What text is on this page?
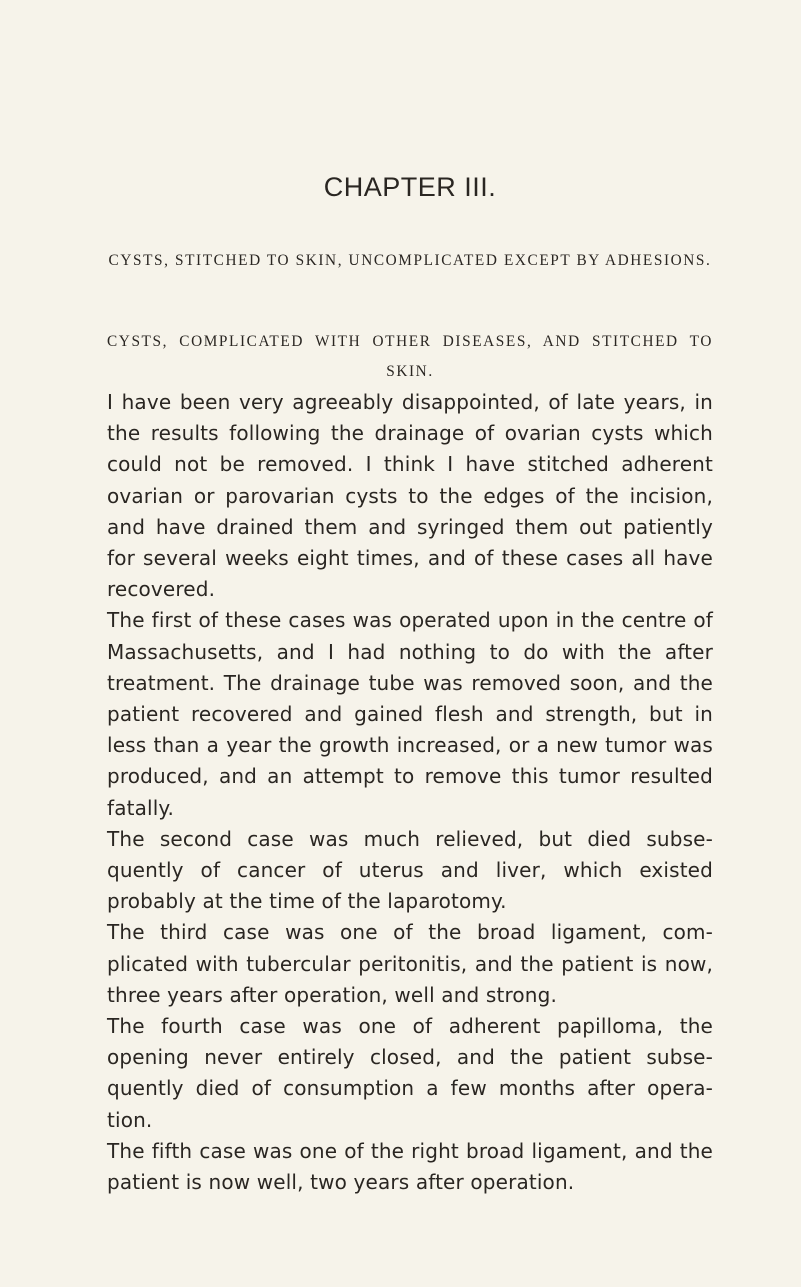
CHAPTER III.
CYSTS, STITCHED TO SKIN, UNCOMPLICATED EXCEPT BY ADHESIONS.
CYSTS, COMPLICATED WITH OTHER DISEASES, AND STITCHED TO SKIN.

I have been very agreeably disappointed, of late years, in the results following the drainage of ovarian cysts which could not be removed. I think I have stitched adherent ovarian or parovarian cysts to the edges of the incision, and have drained them and syringed them out patiently for several weeks eight times, and of these cases all have recovered.

The first of these cases was operated upon in the centre of Massachusetts, and I had nothing to do with the after treatment. The drainage tube was removed soon, and the patient recovered and gained flesh and strength, but in less than a year the growth increased, or a new tumor was produced, and an attempt to remove this tumor resulted fatally.

The second case was much relieved, but died subse-quently of cancer of uterus and liver, which existed probably at the time of the laparotomy.

The third case was one of the broad ligament, com-plicated with tubercular peritonitis, and the patient is now, three years after operation, well and strong.

The fourth case was one of adherent papilloma, the opening never entirely closed, and the patient subse-quently died of consumption a few months after opera-tion.

The fifth case was one of the right broad ligament, and the patient is now well, two years after operation.
